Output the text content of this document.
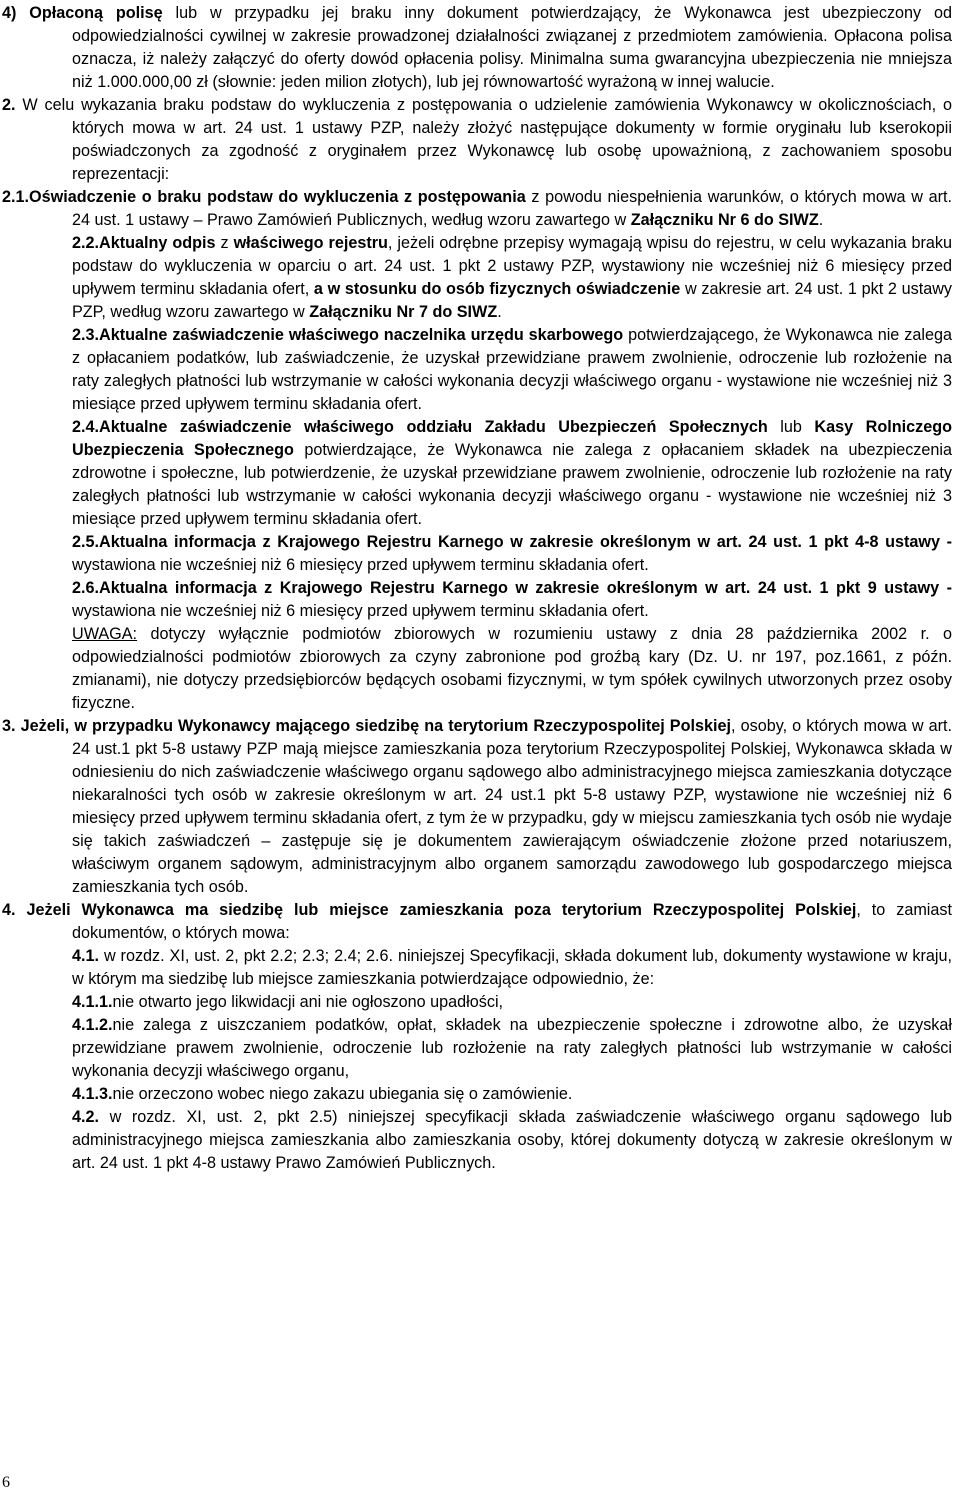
4) Opłaconą polisę lub w przypadku jej braku inny dokument potwierdzający, że Wykonawca jest ubezpieczony od odpowiedzialności cywilnej w zakresie prowadzonej działalności związanej z przedmiotem zamówienia. Opłacona polisa oznacza, iż należy załączyć do oferty dowód opłacenia polisy. Minimalna suma gwarancyjna ubezpieczenia nie mniejsza niż 1.000.000,00 zł (słownie: jeden milion złotych), lub jej równowartość wyrażoną w innej walucie.

2. W celu wykazania braku podstaw do wykluczenia z postępowania o udzielenie zamówienia Wykonawcy w okolicznościach, o których mowa w art. 24 ust. 1 ustawy PZP, należy złożyć następujące dokumenty w formie oryginału lub kserokopii poświadczonych za zgodność z oryginałem przez Wykonawcę lub osobę upoważnioną, z zachowaniem sposobu reprezentacji:

2.1.Oświadczenie o braku podstaw do wykluczenia z postępowania z powodu niespełnienia warunków, o których mowa w art. 24 ust. 1 ustawy – Prawo Zamówień Publicznych, według wzoru zawartego w Załączniku Nr 6 do SIWZ.

2.2.Aktualny odpis z właściwego rejestru, jeżeli odrębne przepisy wymagają wpisu do rejestru, w celu wykazania braku podstaw do wykluczenia w oparciu o art. 24 ust. 1 pkt 2 ustawy PZP, wystawiony nie wcześniej niż 6 miesięcy przed upływem terminu składania ofert, a w stosunku do osób fizycznych oświadczenie w zakresie art. 24 ust. 1 pkt 2 ustawy PZP, według wzoru zawartego w Załączniku Nr 7 do SIWZ.

2.3.Aktualne zaświadczenie właściwego naczelnika urzędu skarbowego potwierdzającego, że Wykonawca nie zalega z opłacaniem podatków, lub zaświadczenie, że uzyskał przewidziane prawem zwolnienie, odroczenie lub rozłożenie na raty zaległych płatności lub wstrzymanie w całości wykonania decyzji właściwego organu - wystawione nie wcześniej niż 3 miesiące przed upływem terminu składania ofert.

2.4.Aktualne zaświadczenie właściwego oddziału Zakładu Ubezpieczeń Społecznych lub Kasy Rolniczego Ubezpieczenia Społecznego potwierdzające, że Wykonawca nie zalega z opłacaniem składek na ubezpieczenia zdrowotne i społeczne, lub potwierdzenie, że uzyskał przewidziane prawem zwolnienie, odroczenie lub rozłożenie na raty zaległych płatności lub wstrzymanie w całości wykonania decyzji właściwego organu - wystawione nie wcześniej niż 3 miesiące przed upływem terminu składania ofert.

2.5.Aktualna informacja z Krajowego Rejestru Karnego w zakresie określonym w art. 24 ust. 1 pkt 4-8 ustawy - wystawiona nie wcześniej niż 6 miesięcy przed upływem terminu składania ofert.

2.6.Aktualna informacja z Krajowego Rejestru Karnego w zakresie określonym w art. 24 ust. 1 pkt 9 ustawy - wystawiona nie wcześniej niż 6 miesięcy przed upływem terminu składania ofert.

UWAGA: dotyczy wyłącznie podmiotów zbiorowych w rozumieniu ustawy z dnia 28 października 2002 r. o odpowiedzialności podmiotów zbiorowych za czyny zabronione pod groźbą kary (Dz. U. nr 197, poz.1661, z późn. zmianami), nie dotyczy przedsiębiorców będących osobami fizycznymi, w tym spółek cywilnych utworzonych przez osoby fizyczne.

3. Jeżeli, w przypadku Wykonawcy mającego siedzibę na terytorium Rzeczypospolitej Polskiej, osoby, o których mowa w art. 24 ust.1 pkt 5-8 ustawy PZP mają miejsce zamieszkania poza terytorium Rzeczypospolitej Polskiej, Wykonawca składa w odniesieniu do nich zaświadczenie właściwego organu sądowego albo administracyjnego miejsca zamieszkania dotyczące niekaralności tych osób w zakresie określonym w art. 24 ust.1 pkt 5-8 ustawy PZP, wystawione nie wcześniej niż 6 miesięcy przed upływem terminu składania ofert, z tym że w przypadku, gdy w miejscu zamieszkania tych osób nie wydaje się takich zaświadczeń – zastępuje się je dokumentem zawierającym oświadczenie złożone przed notariuszem, właściwym organem sądowym, administracyjnym albo organem samorządu zawodowego lub gospodarczego miejsca zamieszkania tych osób.

4. Jeżeli Wykonawca ma siedzibę lub miejsce zamieszkania poza terytorium Rzeczypospolitej Polskiej, to zamiast dokumentów, o których mowa:

4.1. w rozdz. XI, ust. 2, pkt 2.2; 2.3; 2.4; 2.6. niniejszej Specyfikacji, składa dokument lub, dokumenty wystawione w kraju, w którym ma siedzibę lub miejsce zamieszkania potwierdzające odpowiednio, że:

4.1.1.nie otwarto jego likwidacji ani nie ogłoszono upadłości,

4.1.2.nie zalega z uiszczaniem podatków, opłat, składek na ubezpieczenie społeczne i zdrowotne albo, że uzyskał przewidziane prawem zwolnienie, odroczenie lub rozłożenie na raty zaległych płatności lub wstrzymanie w całości wykonania decyzji właściwego organu,

4.1.3.nie orzeczono wobec niego zakazu ubiegania się o zamówienie.

4.2. w rozdz. XI, ust. 2, pkt 2.5) niniejszej specyfikacji składa zaświadczenie właściwego organu sądowego lub administracyjnego miejsca zamieszkania albo zamieszkania osoby, której dokumenty dotyczą w zakresie określonym w art. 24 ust. 1 pkt 4-8 ustawy Prawo Zamówień Publicznych.

6
